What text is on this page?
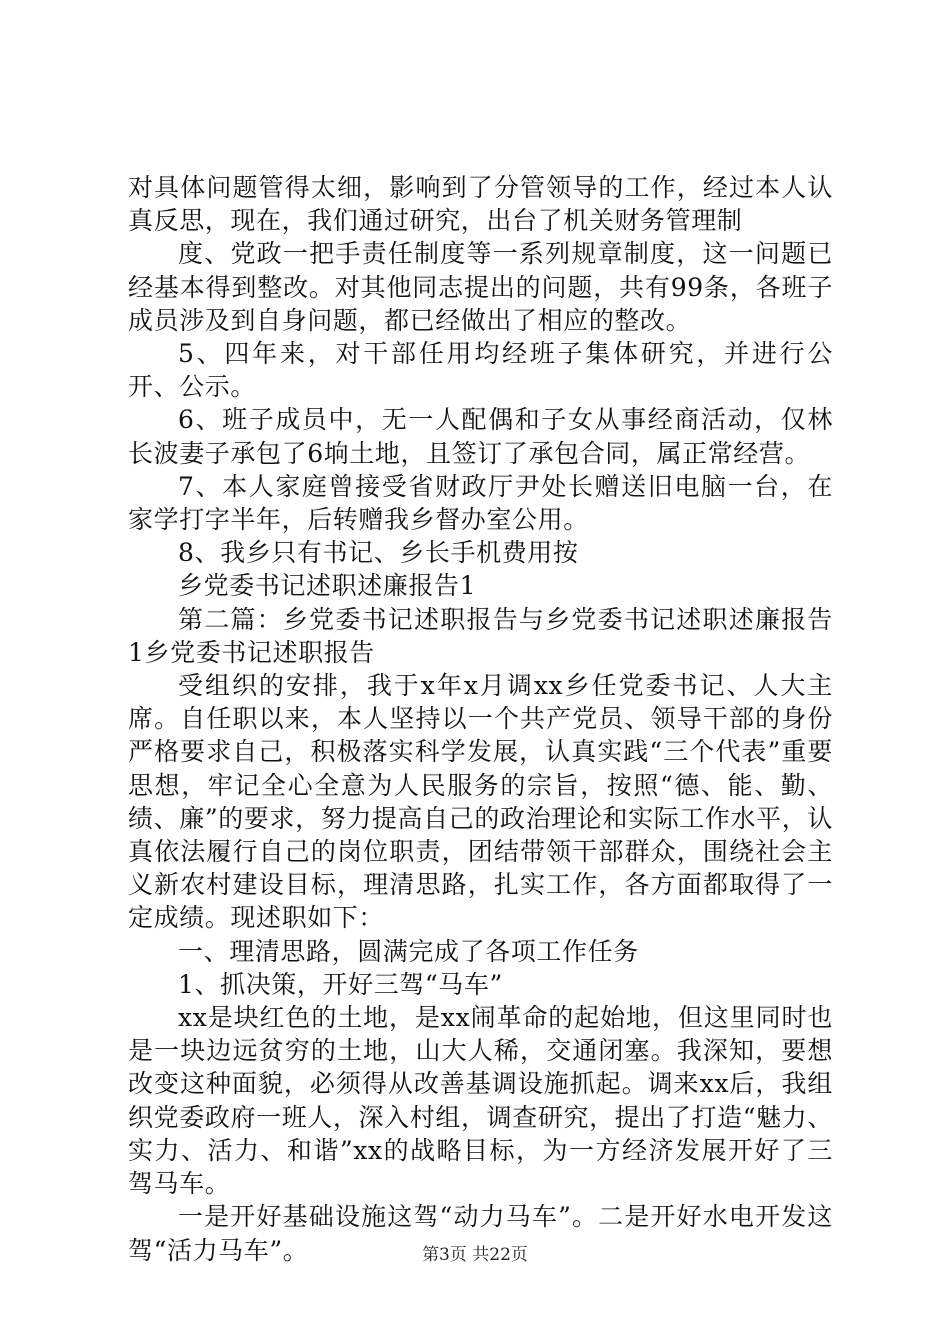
对具体问题管得太细，影响到了分管领导的工作，经过本人认真反思，现在，我们通过研究，出台了机关财务管理制

度、党政一把手责任制度等一系列规章制度，这一问题已经基本得到整改。对其他同志提出的问题，共有99条，各班子成员涉及到自身问题，都已经做出了相应的整改。

5、四年来，对干部任用均经班子集体研究，并进行公开、公示。

6、班子成员中，无一人配偶和子女从事经商活动，仅林长波妻子承包了6垧土地，且签订了承包合同，属正常经营。

7、本人家庭曾接受省财政厅尹处长赠送旧电脑一台，在家学打字半年，后转赠我乡督办室公用。

8、我乡只有书记、乡长手机费用按

乡党委书记述职述廉报告1

第二篇：乡党委书记述职报告与乡党委书记述职述廉报告1乡党委书记述职报告

受组织的安排，我于x年x月调xx乡任党委书记、人大主席。自任职以来，本人坚持以一个共产党员、领导干部的身份严格要求自己，积极落实科学发展，认真实践“三个代表”重要思想，牢记全心全意为人民服务的宗旨，按照“德、能、勤、绩、廉”的要求，努力提高自己的政治理论和实际工作水平，认真依法履行自己的岗位职责，团结带领干部群众，围绕社会主义新农村建设目标，理清思路，扎实工作，各方面都取得了一定成绩。现述职如下：

一、理清思路，圆满完成了各项工作任务

1、抓决策，开好三驾“马车”

xx是块红色的土地，是xx闹革命的起始地，但这里同时也是一块边远贫穷的土地，山大人稀，交通闭塞。我深知，要想改变这种面貌，必须得从改善基调设施抓起。调来xx后，我组织党委政府一班人，深入村组，调查研究，提出了打造“魅力、实力、活力、和谐”xx的战略目标，为一方经济发展开好了三驾马车。

一是开好基础设施这驾“动力马车”。二是开好水电开发这驾“活力马车”。	第3页 共22页
